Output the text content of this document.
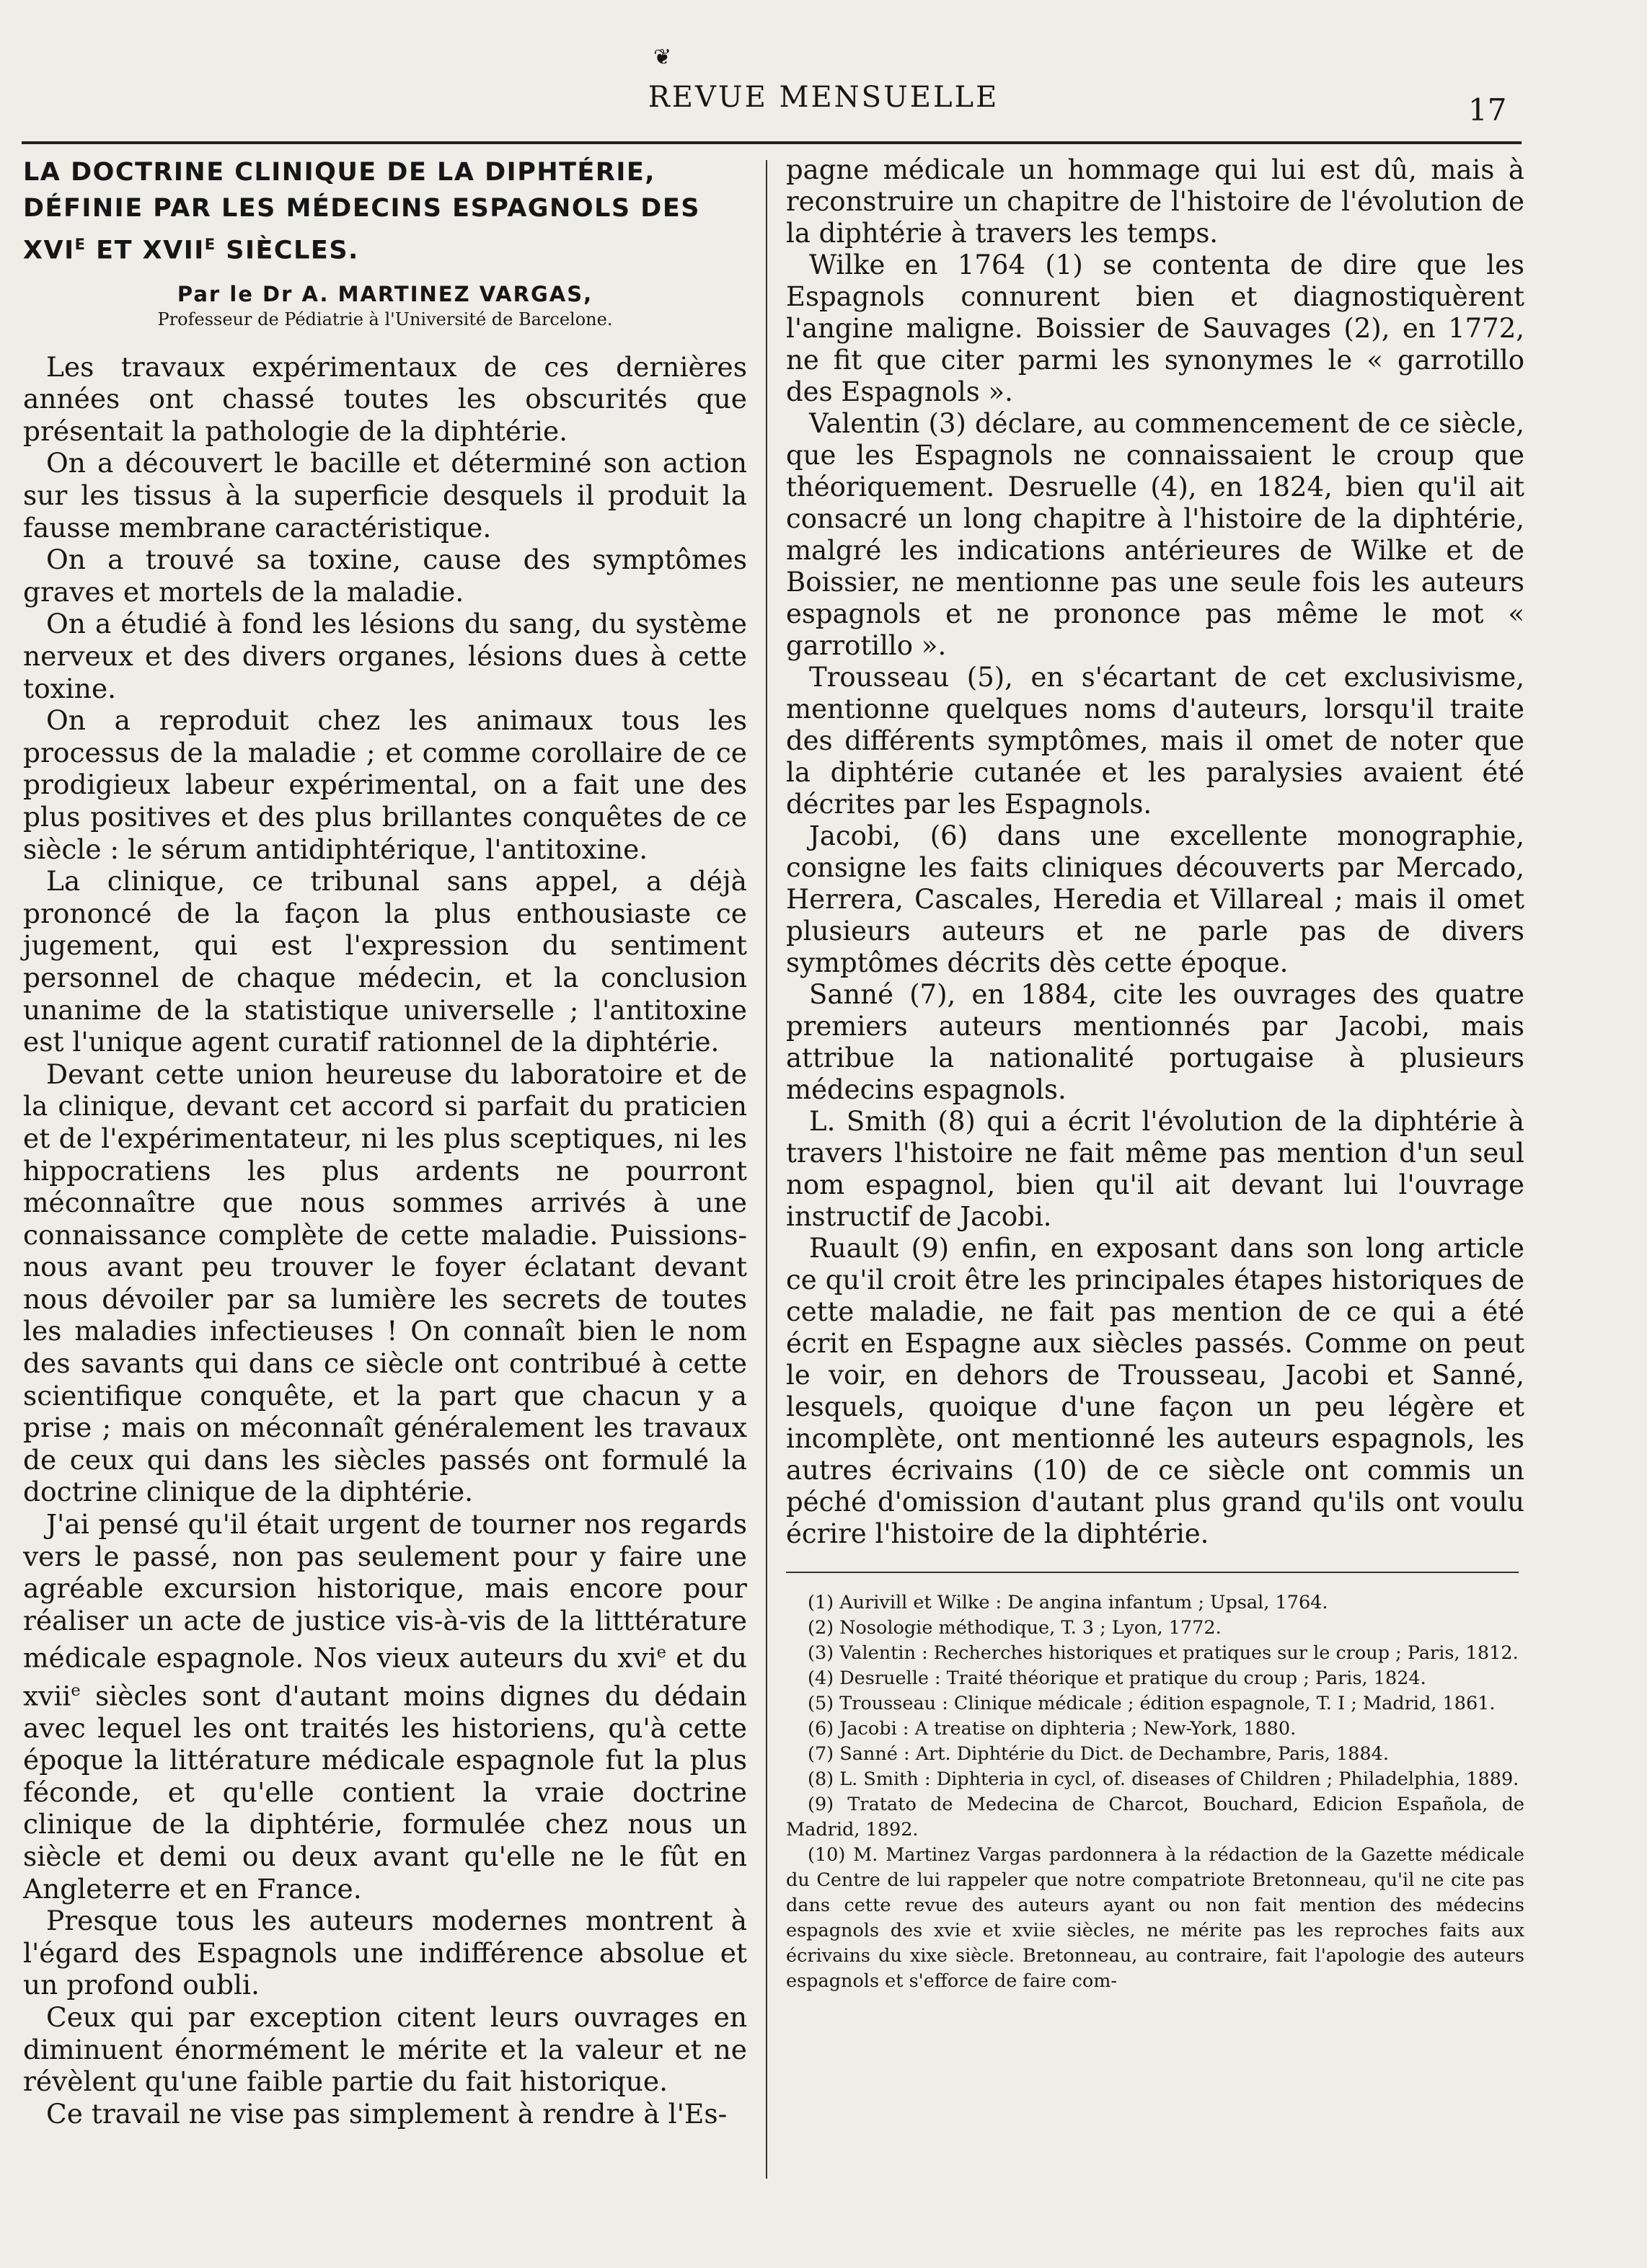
❦
REVUE MENSUELLE	17
LA DOCTRINE CLINIQUE DE LA DIPHTÉRIE,
DÉFINIE PAR LES MÉDECINS ESPAGNOLS DES
$XVI^E$ ET $XVII^E$ SIÈCLES.
Par le Dr A. MARTINEZ VARGAS,
Professeur de Pédiatrie à l'Université de Barcelone.

Les travaux expérimentaux de ces dernières années ont chassé toutes les obscurités que présentait la pathologie de la diphtérie.

On a découvert le bacille et déterminé son action sur les tissus à la superficie desquels il produit la fausse membrane caractéristique.

On a trouvé sa toxine, cause des symptômes graves et mortels de la maladie.

On a étudié à fond les lésions du sang, du système nerveux et des divers organes, lésions dues à cette toxine.

On a reproduit chez les animaux tous les processus de la maladie ; et comme corollaire de ce prodigieux labeur expérimental, on a fait une des plus positives et des plus brillantes conquêtes de ce siècle : le sérum antidiphtérique, l'antitoxine.

La clinique, ce tribunal sans appel, a déjà prononcé de la façon la plus enthousiaste ce jugement, qui est l'expression du sentiment personnel de chaque médecin, et la conclusion unanime de la statistique universelle ; l'antitoxine est l'unique agent curatif rationnel de la diphtérie.

Devant cette union heureuse du laboratoire et de la clinique, devant cet accord si parfait du praticien et de l'expérimentateur, ni les plus sceptiques, ni les hippocratiens les plus ardents ne pourront méconnaître que nous sommes arrivés à une connaissance complète de cette maladie. Puissions-nous avant peu trouver le foyer éclatant devant nous dévoiler par sa lumière les secrets de toutes les maladies infectieuses ! On connaît bien le nom des savants qui dans ce siècle ont contribué à cette scientifique conquête, et la part que chacun y a prise ; mais on méconnaît généralement les travaux de ceux qui dans les siècles passés ont formulé la doctrine clinique de la diphtérie.

J'ai pensé qu'il était urgent de tourner nos regards vers le passé, non pas seulement pour y faire une agréable excursion historique, mais encore pour réaliser un acte de justice vis-à-vis de la litttérature médicale espagnole. Nos vieux auteurs du xvi$^e$ et du xvii$^e$ siècles sont d'autant moins dignes du dédain avec lequel les ont traités les historiens, qu'à cette époque la littérature médicale espagnole fut la plus féconde, et qu'elle contient la vraie doctrine clinique de la diphtérie, formulée chez nous un siècle et demi ou deux avant qu'elle ne le fût en Angleterre et en France.

Presque tous les auteurs modernes montrent à l'égard des Espagnols une indifférence absolue et un profond oubli.

Ceux qui par exception citent leurs ouvrages en diminuent énormément le mérite et la valeur et ne révèlent qu'une faible partie du fait historique.

Ce travail ne vise pas simplement à rendre à l'Es-

pagne médicale un hommage qui lui est dû, mais à reconstruire un chapitre de l'histoire de l'évolution de la diphtérie à travers les temps.

Wilke en 1764 (1) se contenta de dire que les Espagnols connurent bien et diagnostiquèrent l'angine maligne. Boissier de Sauvages (2), en 1772, ne fit que citer parmi les synonymes le « garrotillo des Espagnols ».

Valentin (3) déclare, au commencement de ce siècle, que les Espagnols ne connaissaient le croup que théoriquement. Desruelle (4), en 1824, bien qu'il ait consacré un long chapitre à l'histoire de la diphtérie, malgré les indications antérieures de Wilke et de Boissier, ne mentionne pas une seule fois les auteurs espagnols et ne prononce pas même le mot « garrotillo ».

Trousseau (5), en s'écartant de cet exclusivisme, mentionne quelques noms d'auteurs, lorsqu'il traite des différents symptômes, mais il omet de noter que la diphtérie cutanée et les paralysies avaient été décrites par les Espagnols.

Jacobi, (6) dans une excellente monographie, consigne les faits cliniques découverts par Mercado, Herrera, Cascales, Heredia et Villareal ; mais il omet plusieurs auteurs et ne parle pas de divers symptômes décrits dès cette époque.

Sanné (7), en 1884, cite les ouvrages des quatre premiers auteurs mentionnés par Jacobi, mais attribue la nationalité portugaise à plusieurs médecins espagnols.

L. Smith (8) qui a écrit l'évolution de la diphtérie à travers l'histoire ne fait même pas mention d'un seul nom espagnol, bien qu'il ait devant lui l'ouvrage instructif de Jacobi.

Ruault (9) enfin, en exposant dans son long article ce qu'il croit être les principales étapes historiques de cette maladie, ne fait pas mention de ce qui a été écrit en Espagne aux siècles passés. Comme on peut le voir, en dehors de Trousseau, Jacobi et Sanné, lesquels, quoique d'une façon un peu légère et incomplète, ont mentionné les auteurs espagnols, les autres écrivains (10) de ce siècle ont commis un péché d'omission d'autant plus grand qu'ils ont voulu écrire l'histoire de la diphtérie.

(1) Aurivill et Wilke : De angina infantum ; Upsal, 1764.

(2) Nosologie méthodique, T. 3 ; Lyon, 1772.

(3) Valentin : Recherches historiques et pratiques sur le croup ; Paris, 1812.

(4) Desruelle : Traité théorique et pratique du croup ; Paris, 1824.

(5) Trousseau : Clinique médicale ; édition espagnole, T. I ; Madrid, 1861.

(6) Jacobi : A treatise on diphteria ; New-York, 1880.

(7) Sanné : Art. Diphtérie du Dict. de Dechambre, Paris, 1884.

(8) L. Smith : Diphteria in cycl, of. diseases of Children ; Philadelphia, 1889.

(9) Tratato de Medecina de Charcot, Bouchard, Edicion Española, de Madrid, 1892.

(10) M. Martinez Vargas pardonnera à la rédaction de la Gazette médicale du Centre de lui rappeler que notre compatriote Bretonneau, qu'il ne cite pas dans cette revue des auteurs ayant ou non fait mention des médecins espagnols des xvie et xviie siècles, ne mérite pas les reproches faits aux écrivains du xixe siècle. Bretonneau, au contraire, fait l'apologie des auteurs espagnols et s'efforce de faire com-
